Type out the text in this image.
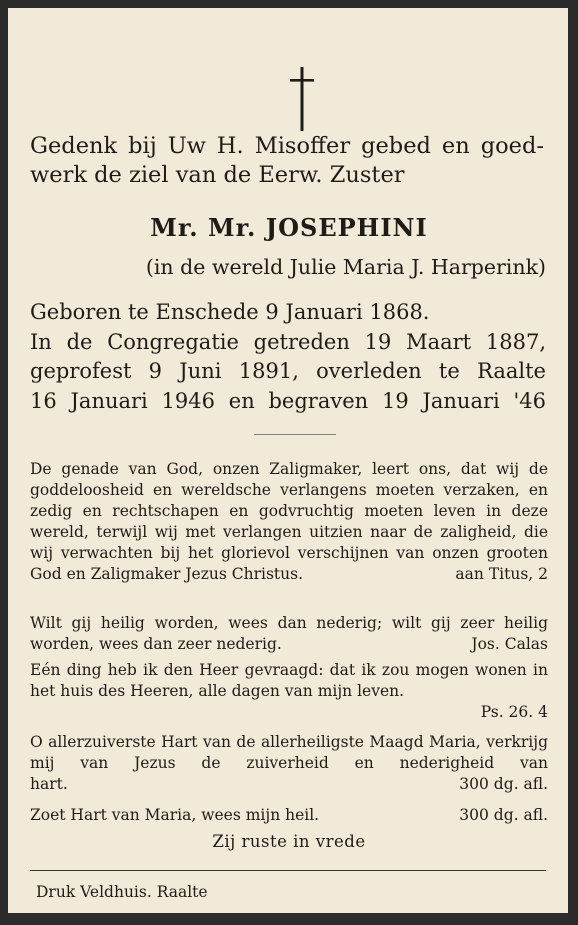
Gedenk bij Uw H. Misoffer gebed en goed-
werk de ziel van de Eerw. Zuster
Mr. Mr. JOSEPHINI
(in de wereld Julie Maria J. Harperink)
Geboren te Enschede 9 Januari 1868.
In de Congregatie getreden 19 Maart 1887,
geprofest 9 Juni 1891, overleden te Raalte
16 Januari 1946 en begraven 19 Januari '46
De genade van God, onzen Zaligmaker, leert ons, dat wij de goddeloosheid en wereldsche verlangens moeten verzaken, en zedig en rechtschapen en godvruchtig moeten leven in deze wereld, terwijl wij met verlangen uitzien naar de zaligheid, die wij verwachten bij het glorievol verschijnen van onzen grooten God en Zaligmaker Jezus Christus.	aan Titus, 2
Wilt gij heilig worden, wees dan nederig; wilt gij zeer heilig worden, wees dan zeer nederig.	Jos. Calas
Eén ding heb ik den Heer gevraagd: dat ik zou mogen wonen in het huis des Heeren, alle dagen van mijn leven.
Ps. 26. 4
O allerzuiverste Hart van de allerheiligste Maagd Maria, verkrijg mij van Jezus de zuiverheid en nederigheid van
hart.	300 dg. afl.
Zoet Hart van Maria, wees mijn heil.	300 dg. afl.
Zij ruste in vrede
Druk Veldhuis. Raalte
